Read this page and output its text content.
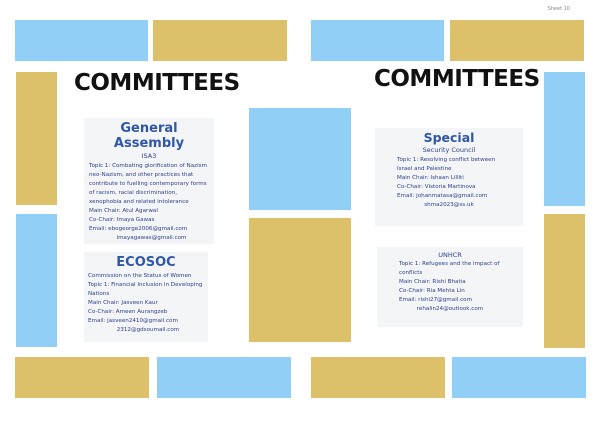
Sheet 10
COMMITTEES
General Assembly
ISA3
Topic 1: Combating glorification of Nazism
neo-Nazism, and other practices that
contribute to fuelling contemporary forms
of racism, racial discrimination,
xenophobia and related intolerance
Main Chair: Atul Agarwal
Co-Chair: Imaya Gawas
Email: ebogeorge2006@gmail.com
imayagawas@gmail.com
ECOSOC
Commission on the Status of Women
Topic 1: Financial Inclusion in Developing
Nations
Main Chair: Jasveen Kaur
Co-Chair: Ameen Aurangzeb
Email: jasveen2410@gmail.com
2312@gdsoumail.com
COMMITTEES
Special
Security Council
Topic 1: Resolving conflict between
Israel and Palestine
Main Chair: Ishaan Lilliti
Co-Chair: Vistoria Martinova
Email: johanmatasa@gmail.com
shma2023@ss.uk
UNHCR
Topic 1: Refugees and the impact of
conflicts
Main Chair: Rishi Bhatia
Co-Chair: Ria Mehta Lin
Email: rishi27@gmail.com
rehalin24@outlook.com
